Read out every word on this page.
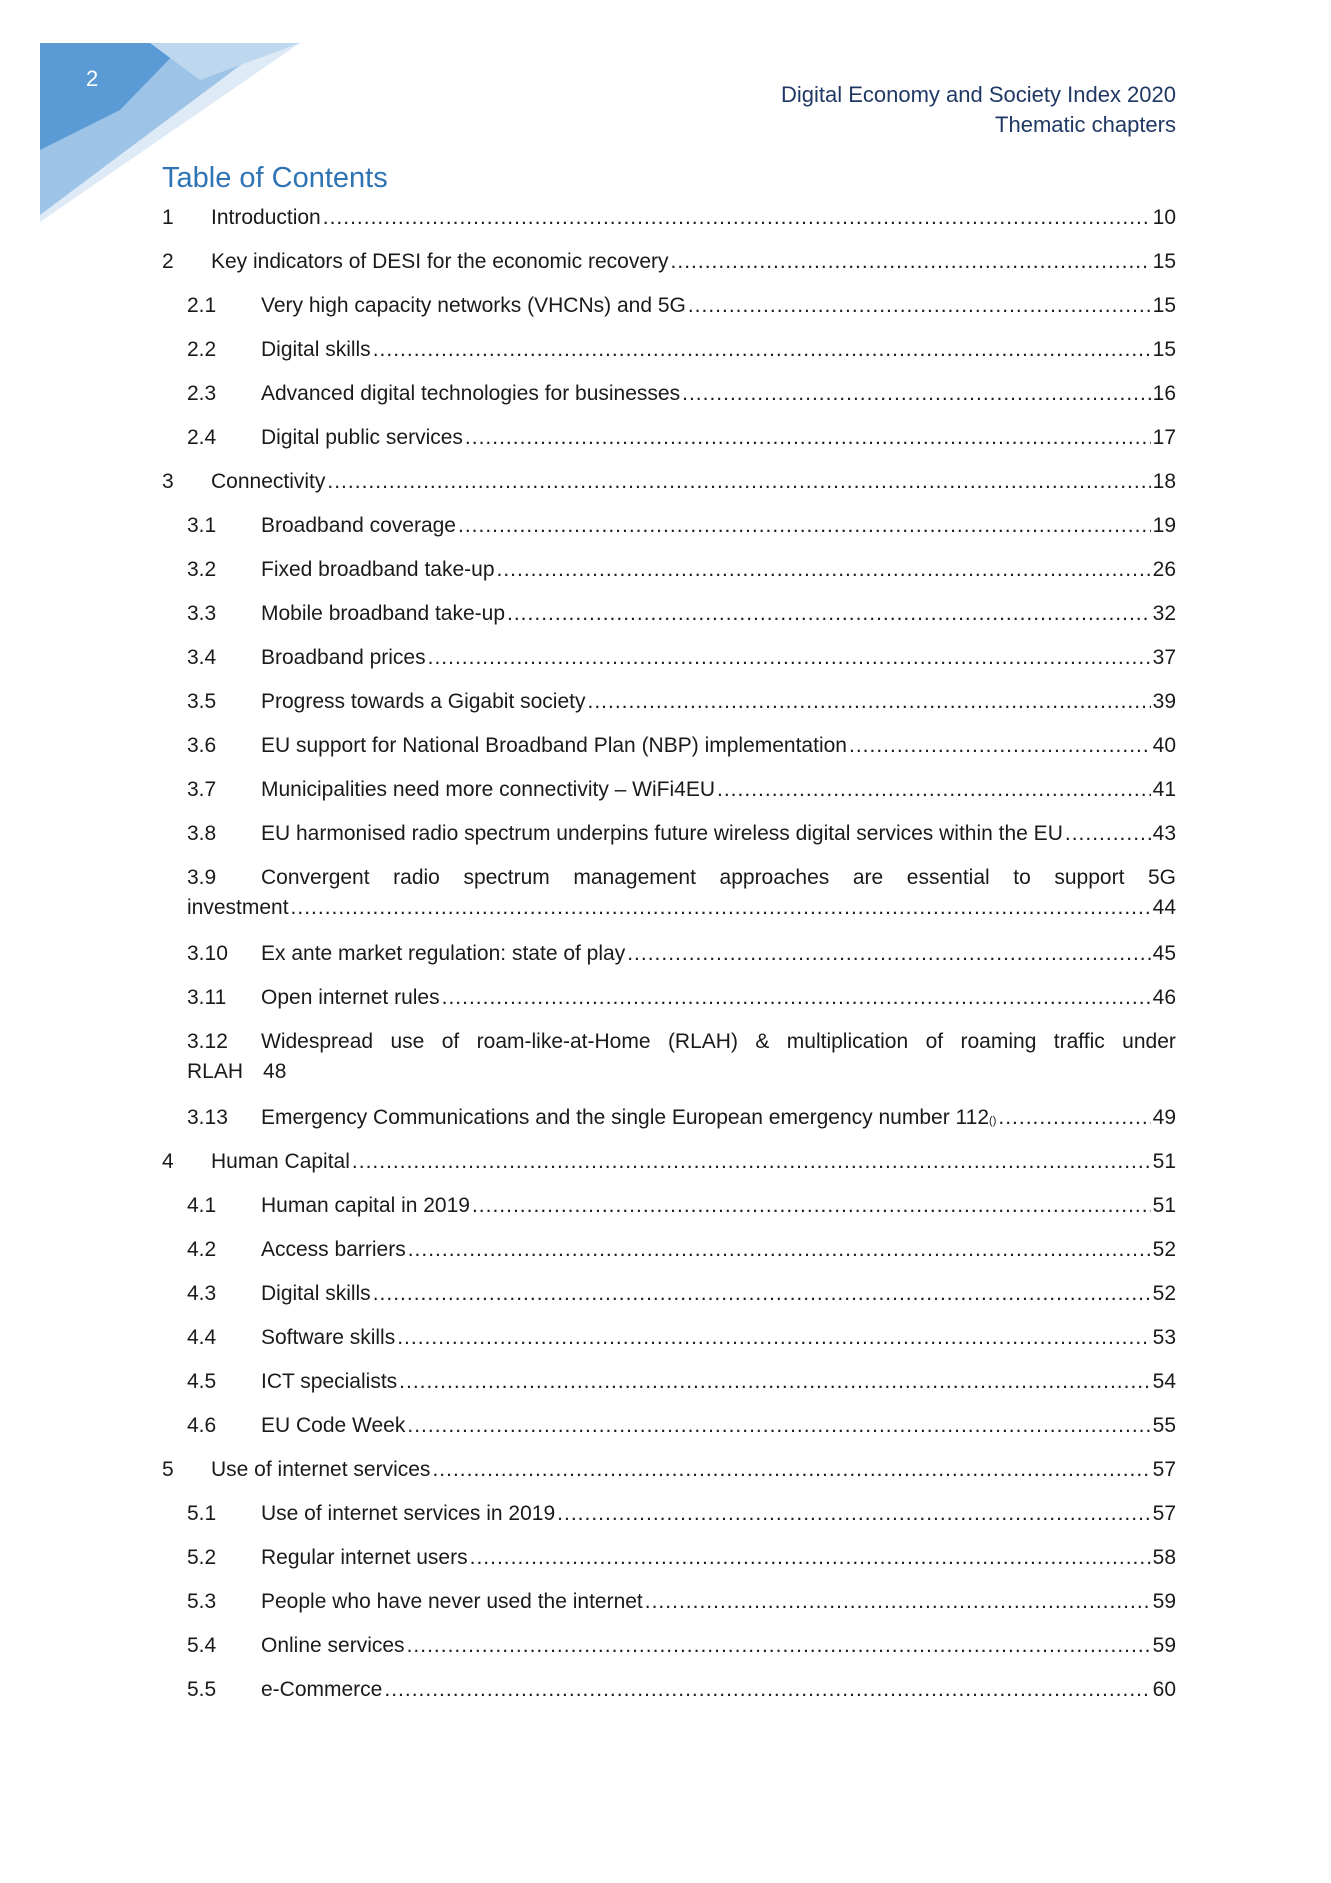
2
Digital Economy and Society Index 2020
Thematic chapters
Table of Contents
1	Introduction .....	10
2	Key indicators of DESI for the economic recovery .....	15
2.1	Very high capacity networks (VHCNs) and 5G .....	15
2.2	Digital skills .....	15
2.3	Advanced digital technologies for businesses .....	16
2.4	Digital public services .....	17
3	Connectivity .....	18
3.1	Broadband coverage .....	19
3.2	Fixed broadband take-up .....	26
3.3	Mobile broadband take-up .....	32
3.4	Broadband prices .....	37
3.5	Progress towards a Gigabit society .....	39
3.6	EU support for National Broadband Plan (NBP) implementation .....	40
3.7	Municipalities need more connectivity – WiFi4EU .....	41
3.8	EU harmonised radio spectrum underpins future wireless digital services within the EU .....	43
3.9	Convergent radio spectrum management approaches are essential to support 5G
investment .....	44
3.10	Ex ante market regulation: state of play .....	45
3.11	Open internet rules .....	46
3.12	Widespread use of roam-like-at-Home (RLAH) & multiplication of roaming traffic under
RLAH 48
3.13	Emergency Communications and the single European emergency number 112 () .....	49
4	Human Capital .....	51
4.1	Human capital in 2019 .....	51
4.2	Access barriers .....	52
4.3	Digital skills .....	52
4.4	Software skills .....	53
4.5	ICT specialists .....	54
4.6	EU Code Week .....	55
5	Use of internet services .....	57
5.1	Use of internet services in 2019 .....	57
5.2	Regular internet users .....	58
5.3	People who have never used the internet .....	59
5.4	Online services .....	59
5.5	e-Commerce .....	60
